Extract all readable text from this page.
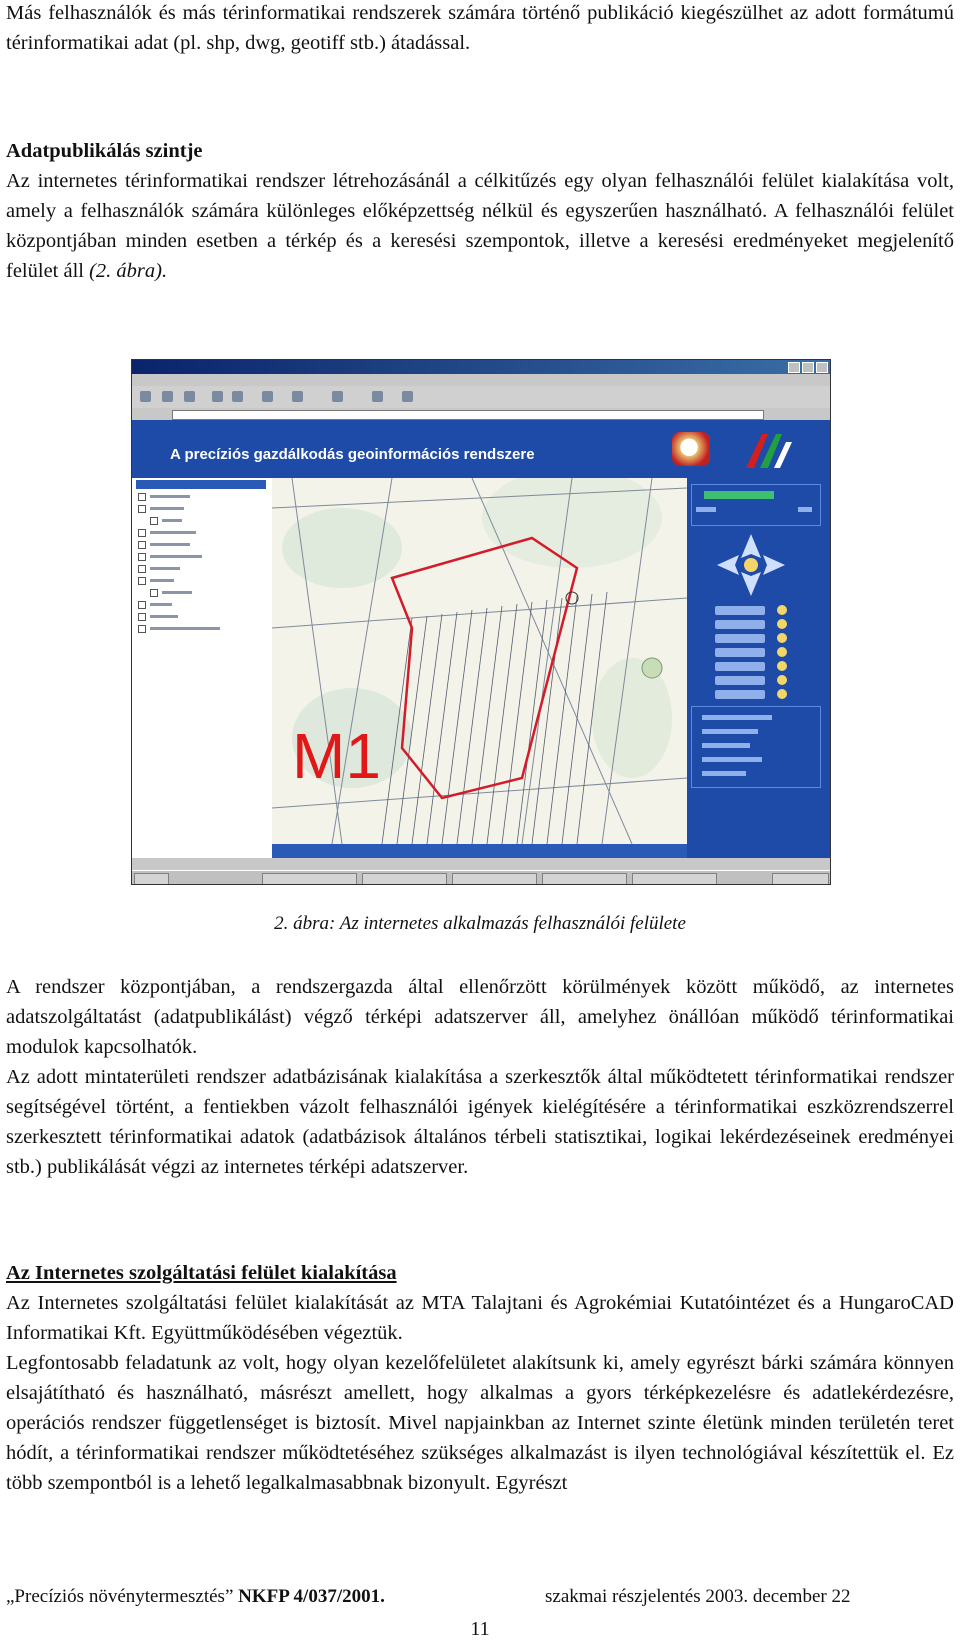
Más felhasználók és más térinformatikai rendszerek számára történő publikáció kiegészülhet az adott formátumú térinformatikai adat (pl. shp, dwg, geotiff stb.) átadással.

Adatpublikálás szintje
Az internetes térinformatikai rendszer létrehozásánál a célkitűzés egy olyan felhasználói felület kialakítása volt, amely a felhasználók számára különleges előképzettség nélkül és egyszerűen használható. A felhasználói felület központjában minden esetben a térkép és a keresési szempontok, illetve a keresési eredményeket megjelenítő felület áll (2. ábra).
A precíziós gazdálkodás geoinformációs rendszere
M1

2. ábra: Az internetes alkalmazás felhasználói felülete

A rendszer központjában, a rendszergazda által ellenőrzött körülmények között működő, az internetes adatszolgáltatást (adatpublikálást) végző térképi adatszerver áll, amelyhez önállóan működő térinformatikai modulok kapcsolhatók.

Az adott mintaterületi rendszer adatbázisának kialakítása a szerkesztők által működtetett térinformatikai rendszer segítségével történt, a fentiekben vázolt felhasználói igények kielégítésére a térinformatikai eszközrendszerrel szerkesztett térinformatikai adatok (adatbázisok általános térbeli statisztikai, logikai lekérdezéseinek eredményei stb.) publikálását végzi az internetes térképi adatszerver.

Az Internetes szolgáltatási felület kialakítása
Az Internetes szolgáltatási felület kialakítását az MTA Talajtani és Agrokémiai Kutatóintézet és a HungaroCAD Informatikai Kft. Együttműködésében végeztük.
Legfontosabb feladatunk az volt, hogy olyan kezelőfelületet alakítsunk ki, amely egyrészt bárki számára könnyen elsajátítható és használható, másrészt amellett, hogy alkalmas a gyors térképkezelésre és adatlekérdezésre, operációs rendszer függetlenséget is biztosít. Mivel napjainkban az Internet szinte életünk minden területén teret hódít, a térinformatikai rendszer működtetéséhez szükséges alkalmazást is ilyen technológiával készítettük el. Ez több szempontból is a lehető legalkalmasabbnak bizonyult. Egyrészt
„Precíziós növénytermesztés” NKFP 4/037/2001.	szakmai részjelentés 2003. december 22
11
